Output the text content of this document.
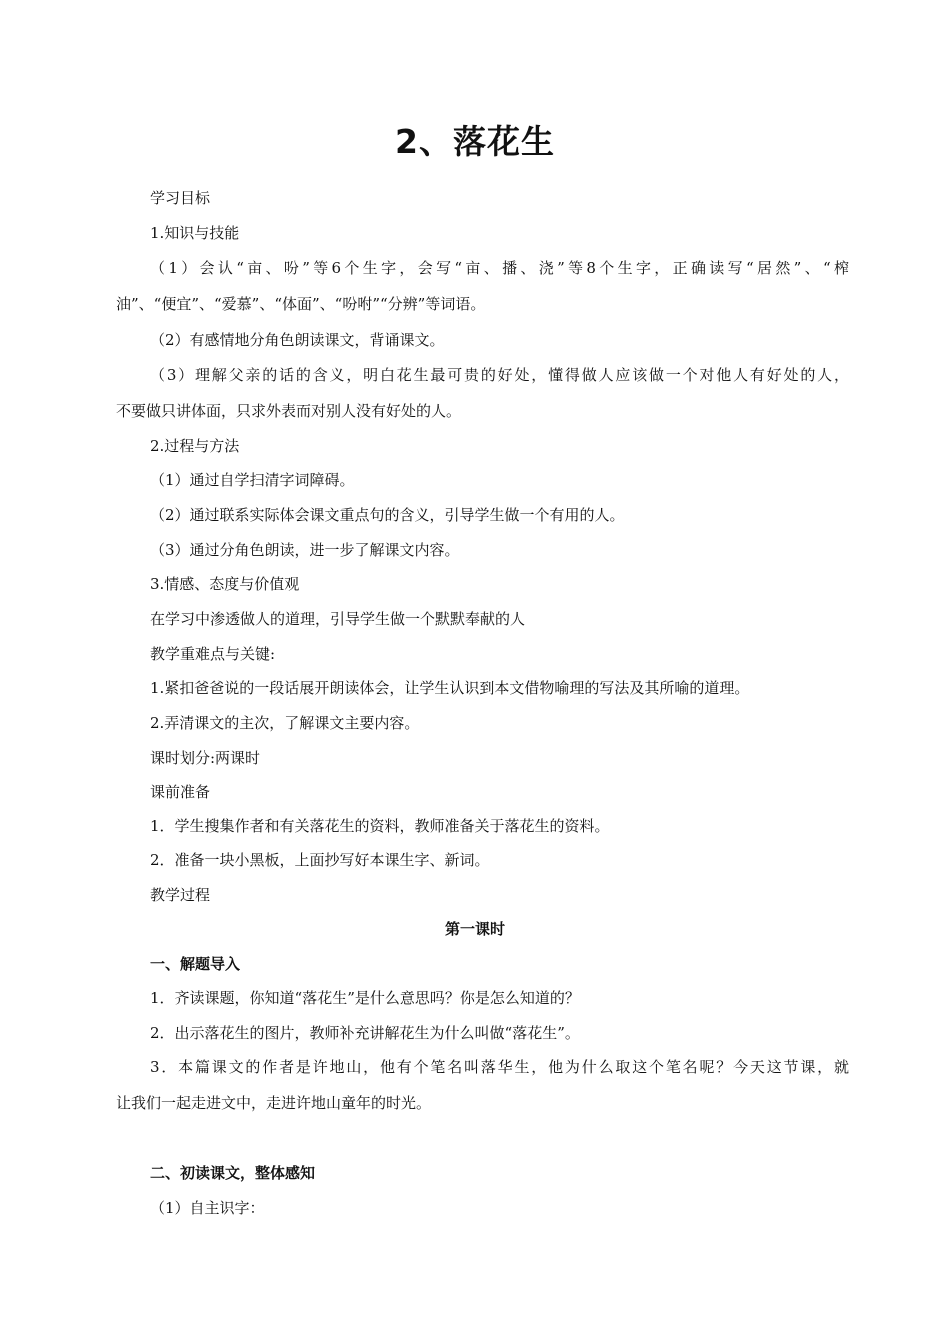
2、落花生
学习目标
1.知识与技能
（1）会认“亩、吩”等6个生字，会写“亩、播、浇”等8个生字，正确读写“居然”、“榨
油”、“便宜”、“爱慕”、“体面”、“吩咐”“分辨”等词语。
（2）有感情地分角色朗读课文，背诵课文。
（3）理解父亲的话的含义，明白花生最可贵的好处，懂得做人应该做一个对他人有好处的人，
不要做只讲体面，只求外表而对别人没有好处的人。
2.过程与方法
（1）通过自学扫清字词障碍。
（2）通过联系实际体会课文重点句的含义，引导学生做一个有用的人。
（3）通过分角色朗读，进一步了解课文内容。
3.情感、态度与价值观
在学习中渗透做人的道理，引导学生做一个默默奉献的人
教学重难点与关键:
1.紧扣爸爸说的一段话展开朗读体会，让学生认识到本文借物喻理的写法及其所喻的道理。
2.弄清课文的主次，了解课文主要内容。
课时划分:两课时
课前准备
1．学生搜集作者和有关落花生的资料，教师准备关于落花生的资料。
2．准备一块小黑板，上面抄写好本课生字、新词。
教学过程
第一课时
一、解题导入
1．齐读课题，你知道“落花生”是什么意思吗？你是怎么知道的？
2．出示落花生的图片，教师补充讲解花生为什么叫做“落花生”。
3．本篇课文的作者是许地山，他有个笔名叫落华生，他为什么取这个笔名呢？今天这节课，就
让我们一起走进文中，走进许地山童年的时光。
二、初读课文，整体感知
（1）自主识字：
